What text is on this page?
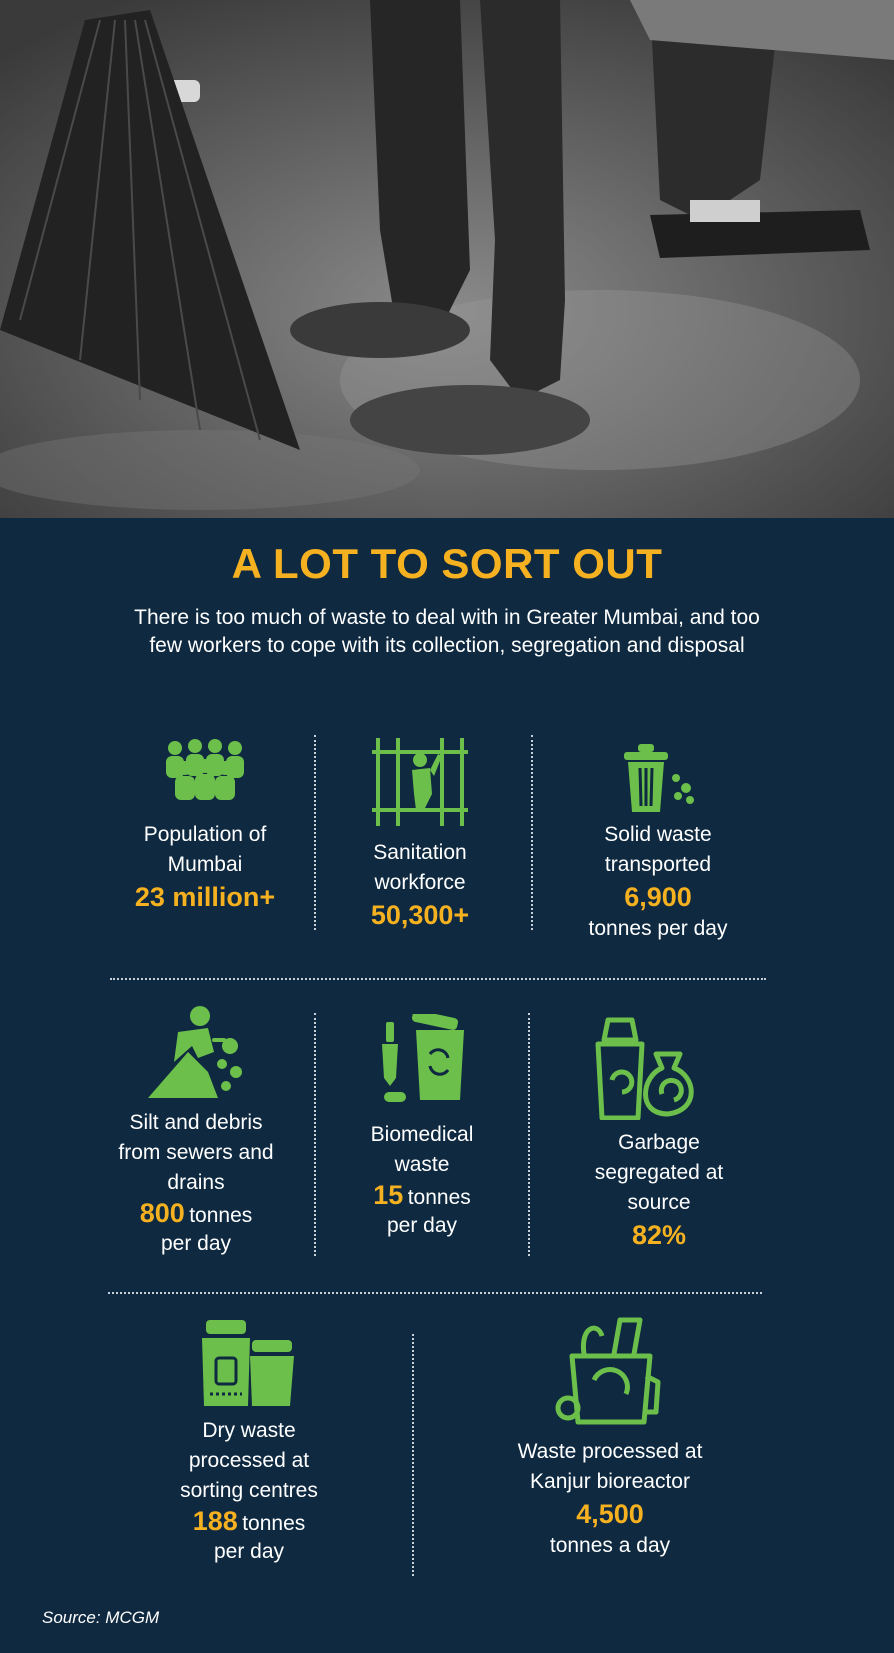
A LOT TO SORT OUT
There is too much of waste to deal with in Greater Mumbai, and too few workers to cope with its collection, segregation and disposal
Population of Mumbai
23 million+
Sanitation workforce
50,300+
Solid waste transported
6,900
tonnes per day
Silt and debris from sewers and drains
800 tonnes
per day
Biomedical waste
15 tonnes
per day
Garbage segregated at source
82%
Dry waste processed at sorting centres
188 tonnes
per day
Waste processed at Kanjur bioreactor
4,500
tonnes a day
Source: MCGM
